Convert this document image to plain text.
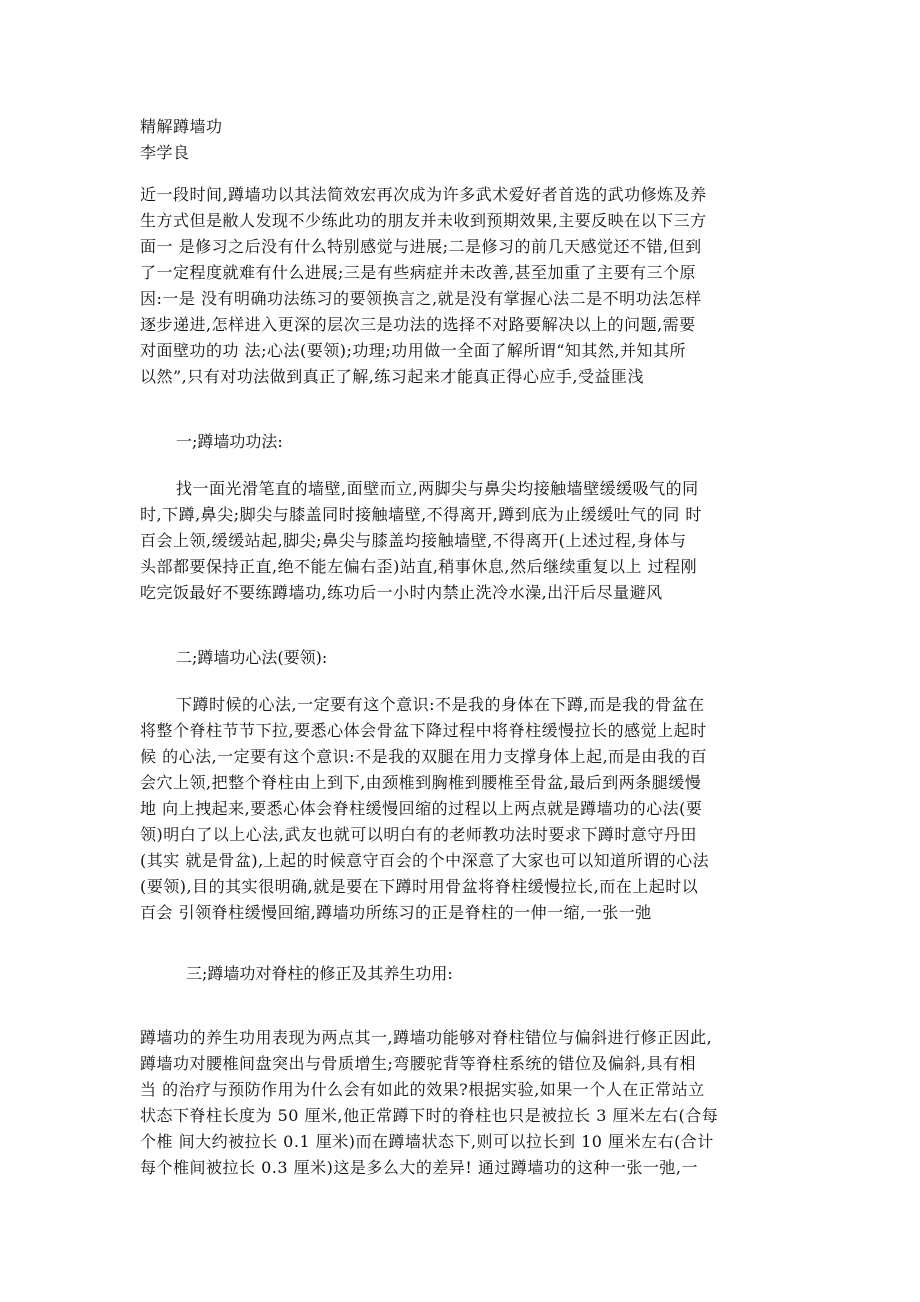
精解蹲墙功
李学良
近一段时间,蹲墙功以其法简效宏再次成为许多武术爱好者首选的武功修炼及养
生方式但是敝人发现不少练此功的朋友并未收到预期效果,主要反映在以下三方
面一 是修习之后没有什么特别感觉与进展;二是修习的前几天感觉还不错,但到
了一定程度就难有什么进展;三是有些病症并未改善,甚至加重了主要有三个原
因:一是 没有明确功法练习的要领换言之,就是没有掌握心法二是不明功法怎样
逐步递进,怎样进入更深的层次三是功法的选择不对路要解决以上的问题,需要
对面壁功的功 法;心法(要领);功理;功用做一全面了解所谓“知其然,并知其所
以然”,只有对功法做到真正了解,练习起来才能真正得心应手,受益匪浅
一;蹲墙功功法:
找一面光滑笔直的墙壁,面壁而立,两脚尖与鼻尖均接触墙壁缓缓吸气的同
时,下蹲,鼻尖;脚尖与膝盖同时接触墙壁,不得离开,蹲到底为止缓缓吐气的同 时
百会上领,缓缓站起,脚尖;鼻尖与膝盖均接触墙壁,不得离开(上述过程,身体与
头部都要保持正直,绝不能左偏右歪)站直,稍事休息,然后继续重复以上 过程刚
吃完饭最好不要练蹲墙功,练功后一小时内禁止洗冷水澡,出汗后尽量避风
二;蹲墙功心法(要领):
下蹲时候的心法,一定要有这个意识:不是我的身体在下蹲,而是我的骨盆在
将整个脊柱节节下拉,要悉心体会骨盆下降过程中将脊柱缓慢拉长的感觉上起时
候 的心法,一定要有这个意识:不是我的双腿在用力支撑身体上起,而是由我的百
会穴上领,把整个脊柱由上到下,由颈椎到胸椎到腰椎至骨盆,最后到两条腿缓慢
地 向上拽起来,要悉心体会脊柱缓慢回缩的过程以上两点就是蹲墙功的心法(要
领)明白了以上心法,武友也就可以明白有的老师教功法时要求下蹲时意守丹田
(其实 就是骨盆),上起的时候意守百会的个中深意了大家也可以知道所谓的心法
(要领),目的其实很明确,就是要在下蹲时用骨盆将脊柱缓慢拉长,而在上起时以
百会 引领脊柱缓慢回缩,蹲墙功所练习的正是脊柱的一伸一缩,一张一弛
三;蹲墙功对脊柱的修正及其养生功用:
蹲墙功的养生功用表现为两点其一,蹲墙功能够对脊柱错位与偏斜进行修正因此,
蹲墙功对腰椎间盘突出与骨质增生;弯腰驼背等脊柱系统的错位及偏斜,具有相
当 的治疗与预防作用为什么会有如此的效果?根据实验,如果一个人在正常站立
状态下脊柱长度为 50 厘米,他正常蹲下时的脊柱也只是被拉长 3 厘米左右(合每
个椎 间大约被拉长 0.1 厘米)而在蹲墙状态下,则可以拉长到 10 厘米左右(合计
每个椎间被拉长 0.3 厘米)这是多么大的差异! 通过蹲墙功的这种一张一弛,一
